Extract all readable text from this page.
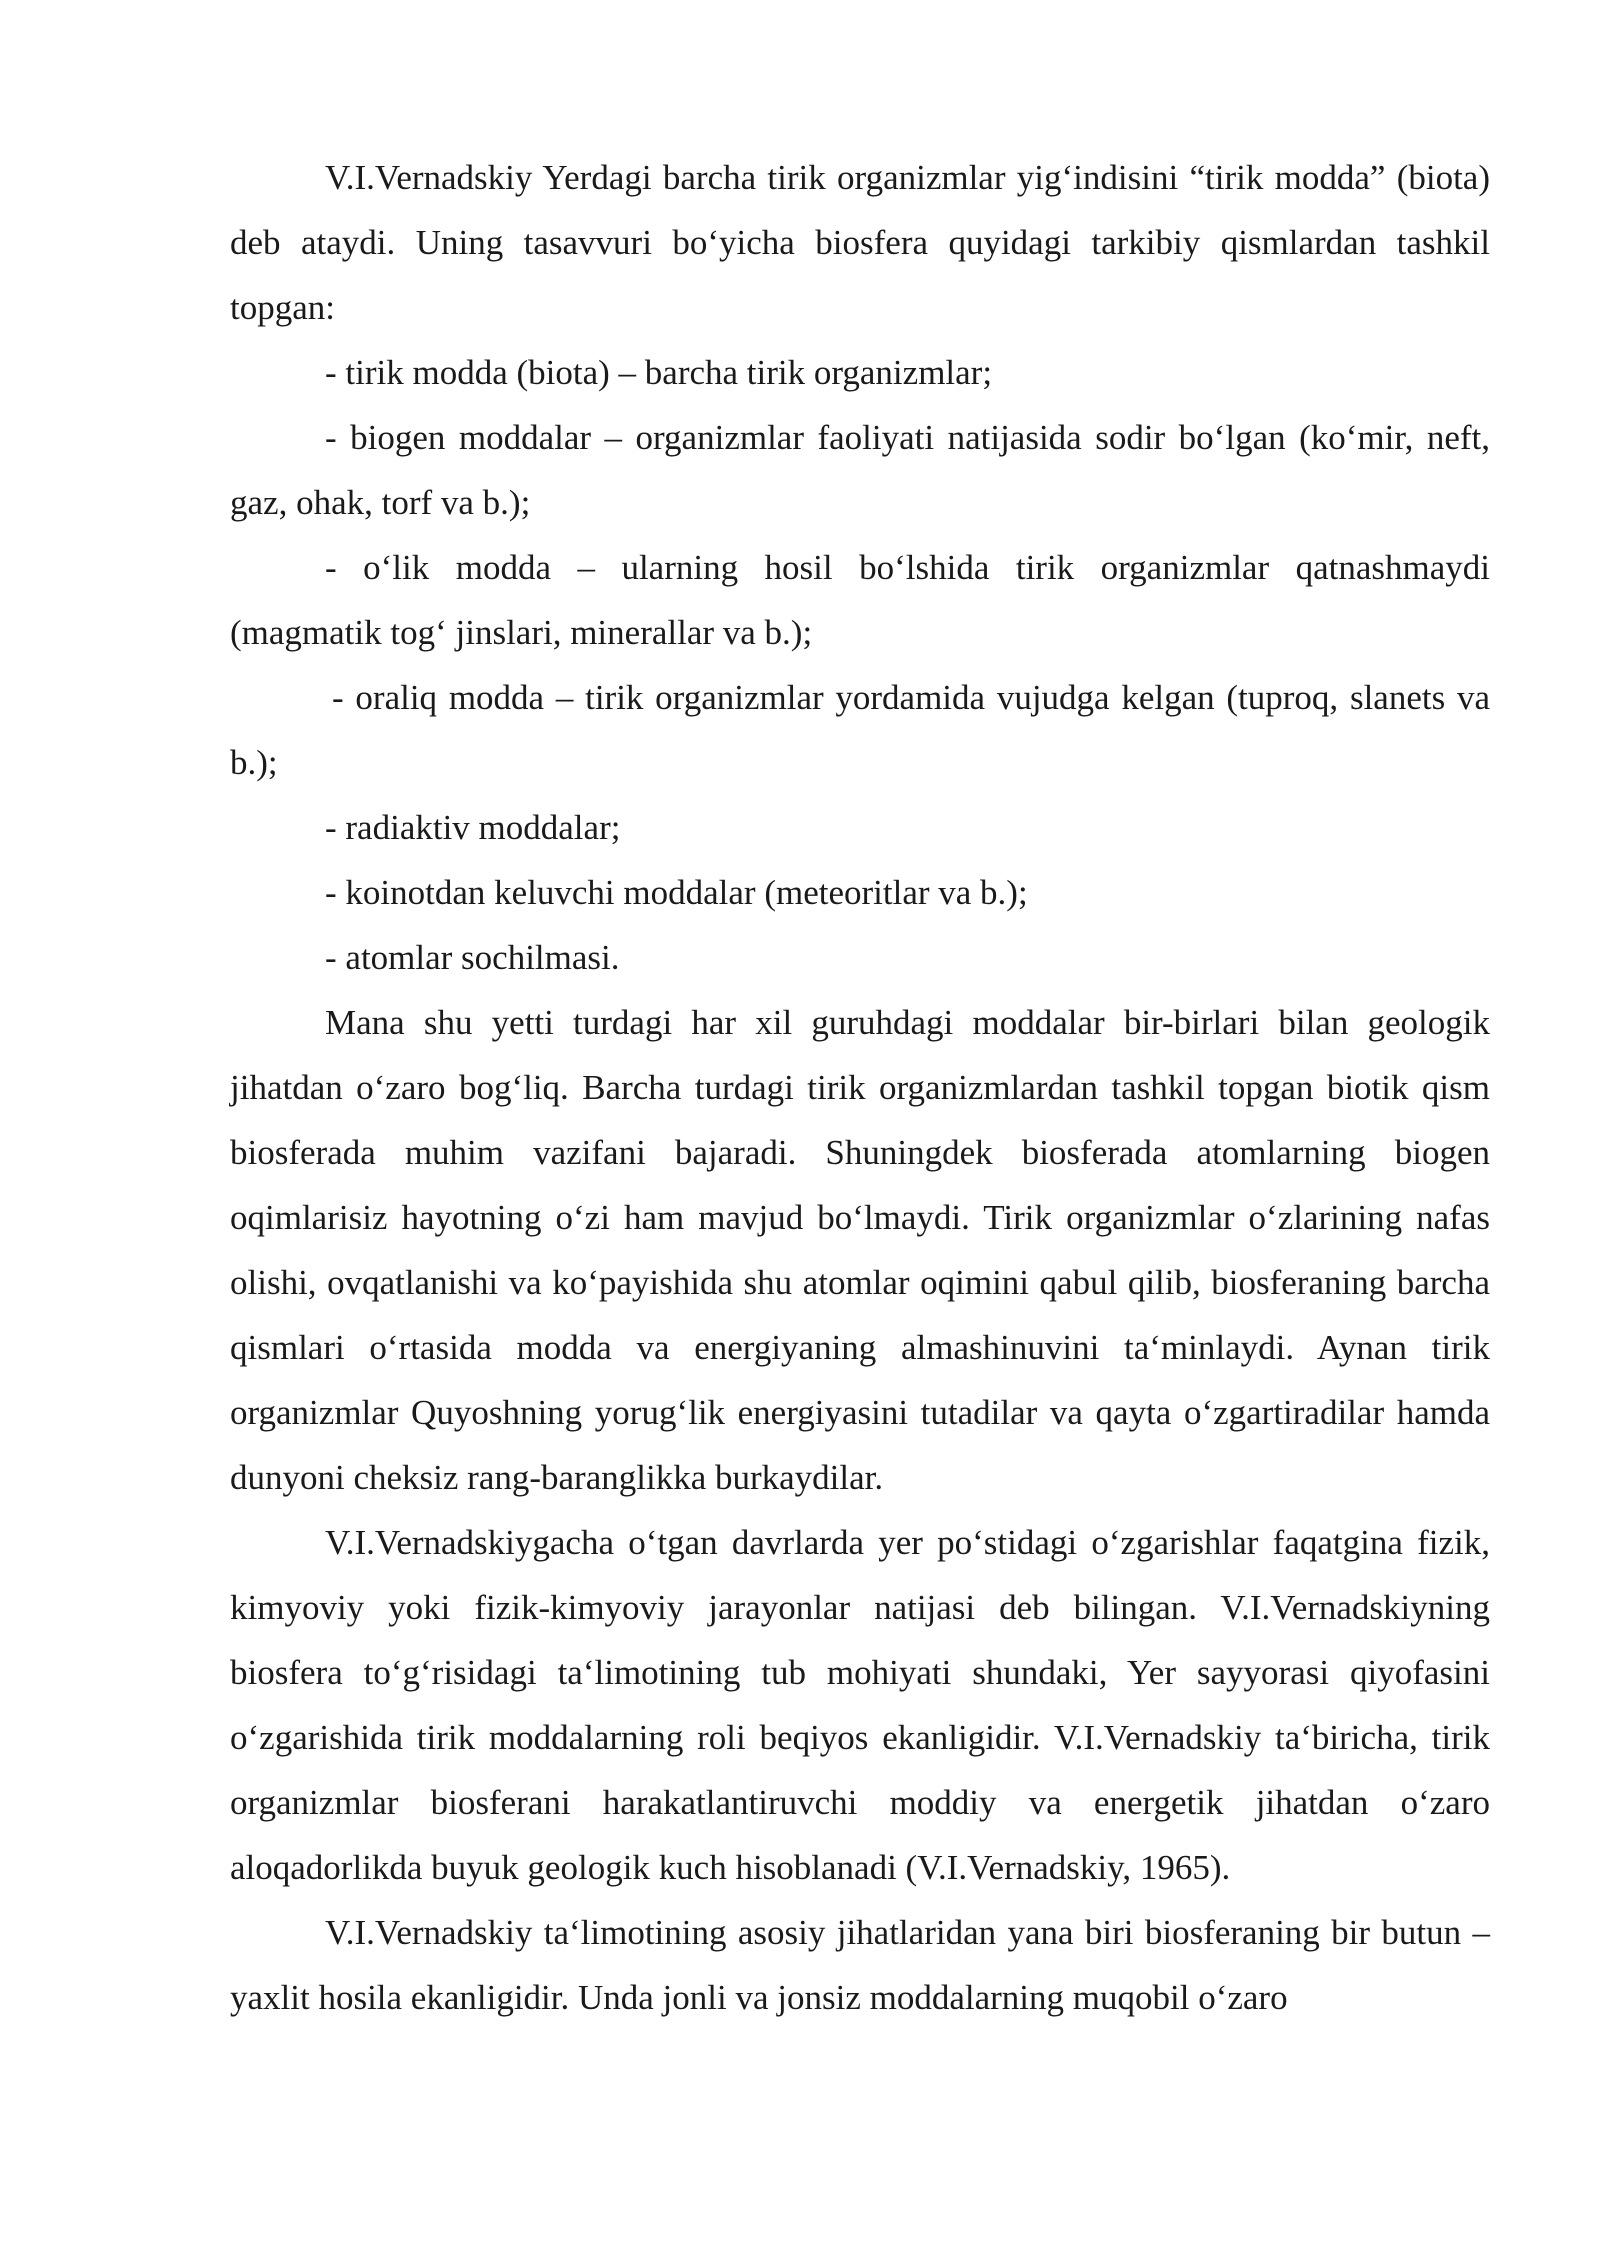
V.I.Vernadskiy Yerdagi barcha tirik organizmlar yig‘indisini “tirik modda” (biota) deb ataydi. Uning tasavvuri bo‘yicha biosfera quyidagi tarkibiy qismlardan tashkil topgan:

- tirik modda (biota) – barcha tirik organizmlar;

- biogen moddalar – organizmlar faoliyati natijasida sodir bo‘lgan (ko‘mir, neft, gaz, ohak, torf va b.);

- o‘lik modda – ularning hosil bo‘lshida tirik organizmlar qatnashmaydi (magmatik tog‘ jinslari, minerallar va b.);

- oraliq modda – tirik organizmlar yordamida vujudga kelgan (tuproq, slanets va b.);

- radiaktiv moddalar;

- koinotdan keluvchi moddalar (meteoritlar va b.);

- atomlar sochilmasi.

Mana shu yetti turdagi har xil guruhdagi moddalar bir-birlari bilan geologik jihatdan o‘zaro bog‘liq. Barcha turdagi tirik organizmlardan tashkil topgan biotik qism biosferada muhim vazifani bajaradi. Shuningdek biosferada atomlarning biogen oqimlarisiz hayotning o‘zi ham mavjud bo‘lmaydi. Tirik organizmlar o‘zlarining nafas olishi, ovqatlanishi va ko‘payishida shu atomlar oqimini qabul qilib, biosferaning barcha qismlari o‘rtasida modda va energiyaning almashinuvini ta‘minlaydi. Aynan tirik organizmlar Quyoshning yorug‘lik energiyasini tutadilar va qayta o‘zgartiradilar hamda dunyoni cheksiz rang-baranglikka burkaydilar.

V.I.Vernadskiygacha o‘tgan davrlarda yer po‘stidagi o‘zgarishlar faqatgina fizik, kimyoviy yoki fizik-kimyoviy jarayonlar natijasi deb bilingan. V.I.Vernadskiyning biosfera to‘g‘risidagi ta‘limotining tub mohiyati shundaki, Yer sayyorasi qiyofasini o‘zgarishida tirik moddalarning roli beqiyos ekanligidir. V.I.Vernadskiy ta‘biricha, tirik organizmlar biosferani harakatlantiruvchi moddiy va energetik jihatdan o‘zaro aloqadorlikda buyuk geologik kuch hisoblanadi (V.I.Vernadskiy, 1965).

V.I.Vernadskiy ta‘limotining asosiy jihatlaridan yana biri biosferaning bir butun – yaxlit hosila ekanligidir. Unda jonli va jonsiz moddalarning muqobil o‘zaro
